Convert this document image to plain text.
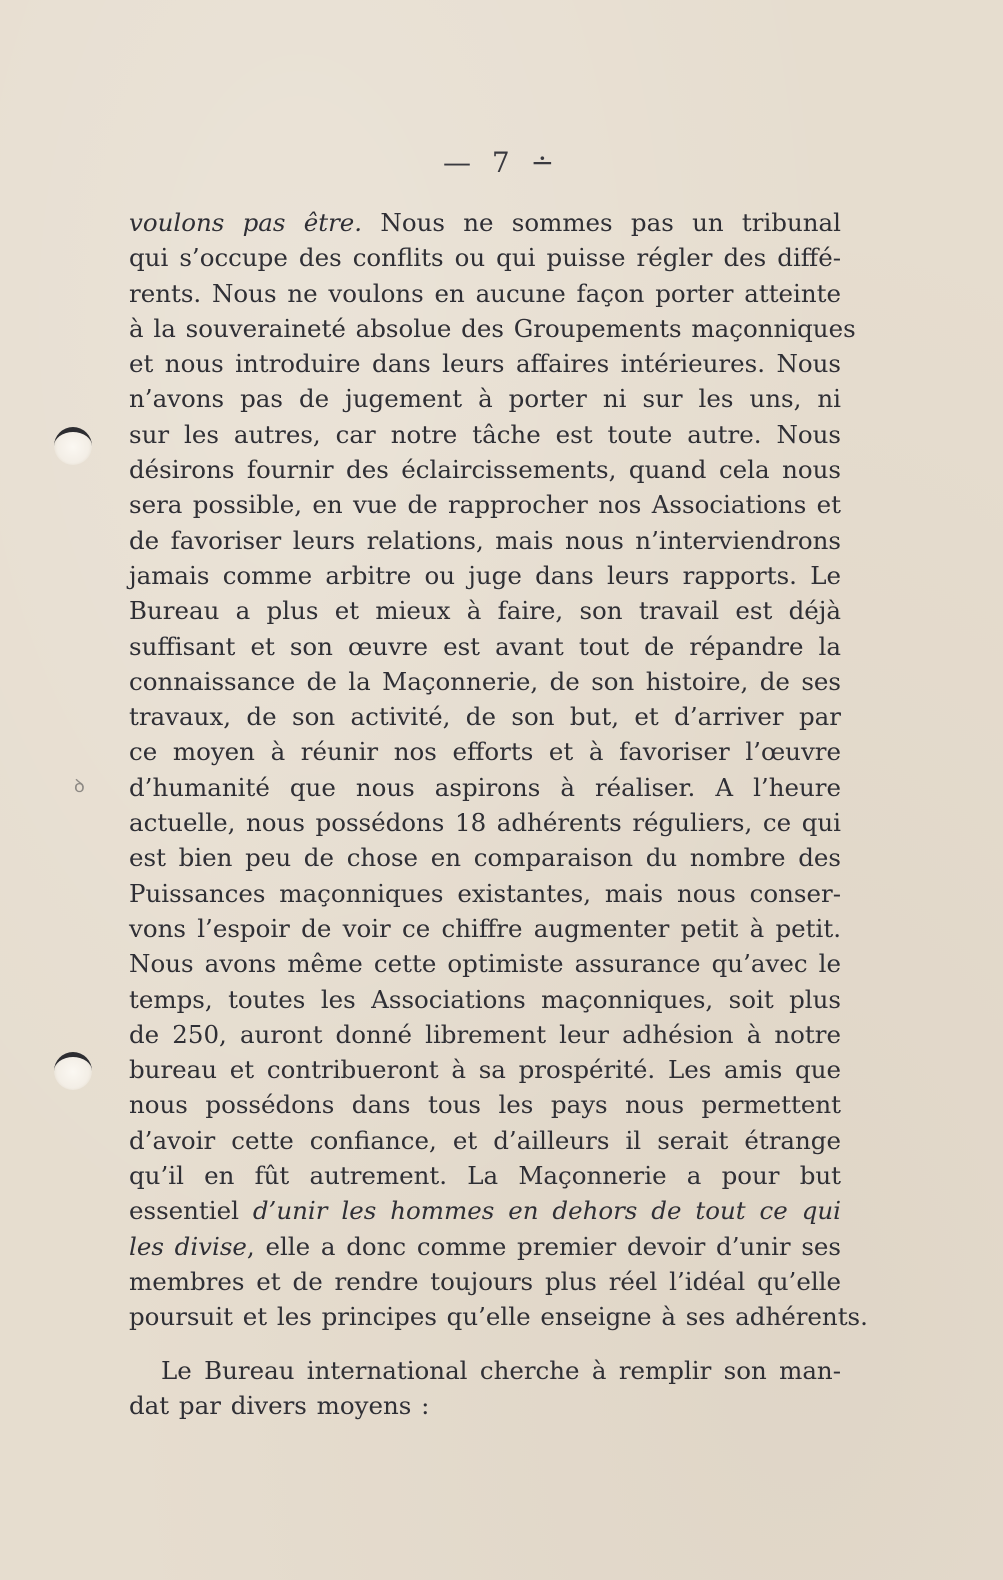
ꝺ
— 7 ∸
voulons pas être. Nous ne sommes pas un tribunal
qui s’occupe des conflits ou qui puisse régler des diffé-
rents. Nous ne voulons en aucune façon porter atteinte
à la souveraineté absolue des Groupements maçonniques
et nous introduire dans leurs affaires intérieures. Nous
n’avons pas de jugement à porter ni sur les uns, ni
sur les autres, car notre tâche est toute autre. Nous
désirons fournir des éclaircissements, quand cela nous
sera possible, en vue de rapprocher nos Associations et
de favoriser leurs relations, mais nous n’interviendrons
jamais comme arbitre ou juge dans leurs rapports. Le
Bureau a plus et mieux à faire, son travail est déjà
suffisant et son œuvre est avant tout de répandre la
connaissance de la Maçonnerie, de son histoire, de ses
travaux, de son activité, de son but, et d’arriver par
ce moyen à réunir nos efforts et à favoriser l’œuvre
d’humanité que nous aspirons à réaliser. A l’heure
actuelle, nous possédons 18 adhérents réguliers, ce qui
est bien peu de chose en comparaison du nombre des
Puissances maçonniques existantes, mais nous conser-
vons l’espoir de voir ce chiffre augmenter petit à petit.
Nous avons même cette optimiste assurance qu’avec le
temps, toutes les Associations maçonniques, soit plus
de 250, auront donné librement leur adhésion à notre
bureau et contribueront à sa prospérité. Les amis que
nous possédons dans tous les pays nous permettent
d’avoir cette confiance, et d’ailleurs il serait étrange
qu’il en fût autrement. La Maçonnerie a pour but
essentiel d’unir les hommes en dehors de tout ce qui
les divise, elle a donc comme premier devoir d’unir ses
membres et de rendre toujours plus réel l’idéal qu’elle
poursuit et les principes qu’elle enseigne à ses adhérents.
Le Bureau international cherche à remplir son man-
dat par divers moyens :
